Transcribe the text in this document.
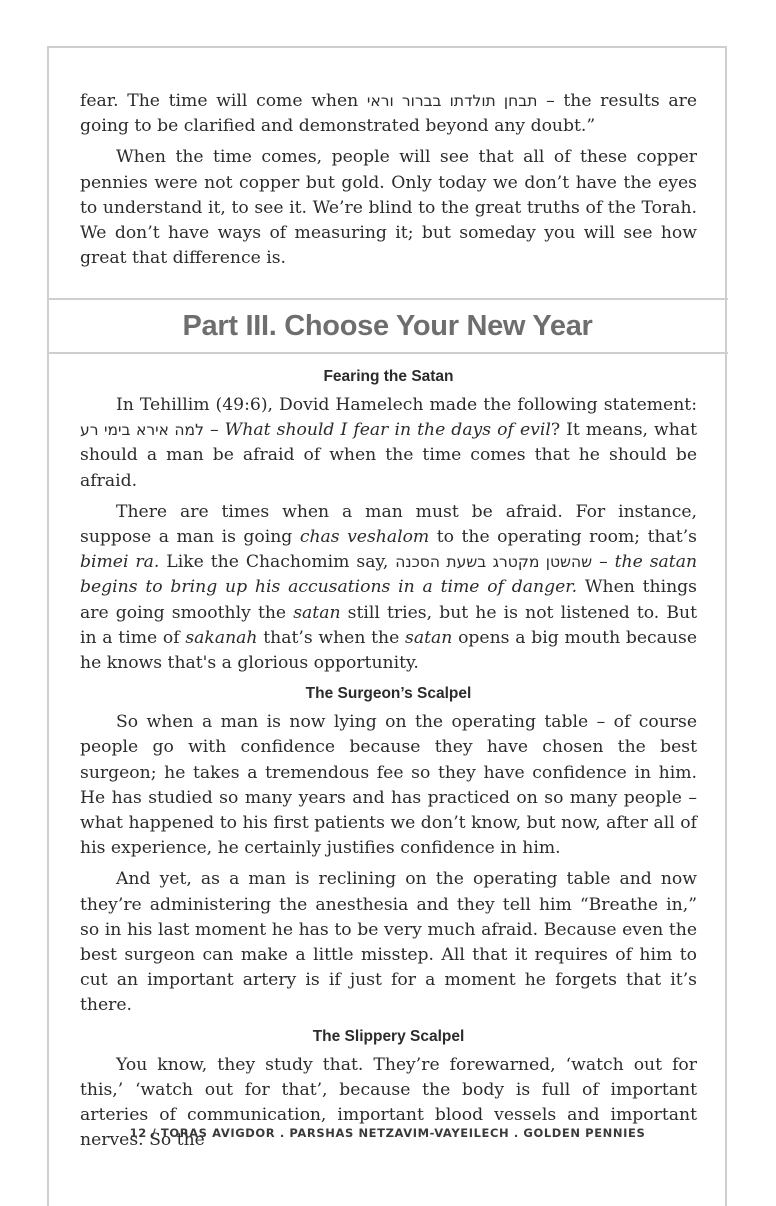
fear. The time will come when תבחן תולדתו בברור וראי – the results are going to be clarified and demonstrated beyond any doubt.”

When the time comes, people will see that all of these copper pennies were not copper but gold. Only today we don’t have the eyes to understand it, to see it. We’re blind to the great truths of the Torah. We don’t have ways of measuring it; but someday you will see how great that difference is.

Part III. Choose Your New Year
Fearing the Satan

In Tehillim (49:6), Dovid Hamelech made the following statement: למה אירא בימי רע – What should I fear in the days of evil? It means, what should a man be afraid of when the time comes that he should be afraid.

There are times when a man must be afraid. For instance, suppose a man is going chas veshalom to the operating room; that’s bimei ra. Like the Chachomim say, שהשטן מקטרג בשעת הסכנה – the satan begins to bring up his accusations in a time of danger. When things are going smoothly the satan still tries, but he is not listened to. But in a time of sakanah that’s when the satan opens a big mouth because he knows that's a glorious opportunity.

The Surgeon’s Scalpel

So when a man is now lying on the operating table – of course people go with confidence because they have chosen the best surgeon; he takes a tremendous fee so they have confidence in him. He has studied so many years and has practiced on so many people – what happened to his first patients we don’t know, but now, after all of his experience, he certainly justifies confidence in him.

And yet, as a man is reclining on the operating table and now they’re administering the anesthesia and they tell him “Breathe in,” so in his last moment he has to be very much afraid. Because even the best surgeon can make a little misstep. All that it requires of him to cut an important artery is if just for a moment he forgets that it’s there.

The Slippery Scalpel

You know, they study that. They’re forewarned, ‘watch out for this,’ ‘watch out for that’, because the body is full of important arteries of communication, important blood vessels and important nerves. So the

12 / TORAS AVIGDOR . PARSHAS NETZAVIM-VAYEILECH . GOLDEN PENNIES
